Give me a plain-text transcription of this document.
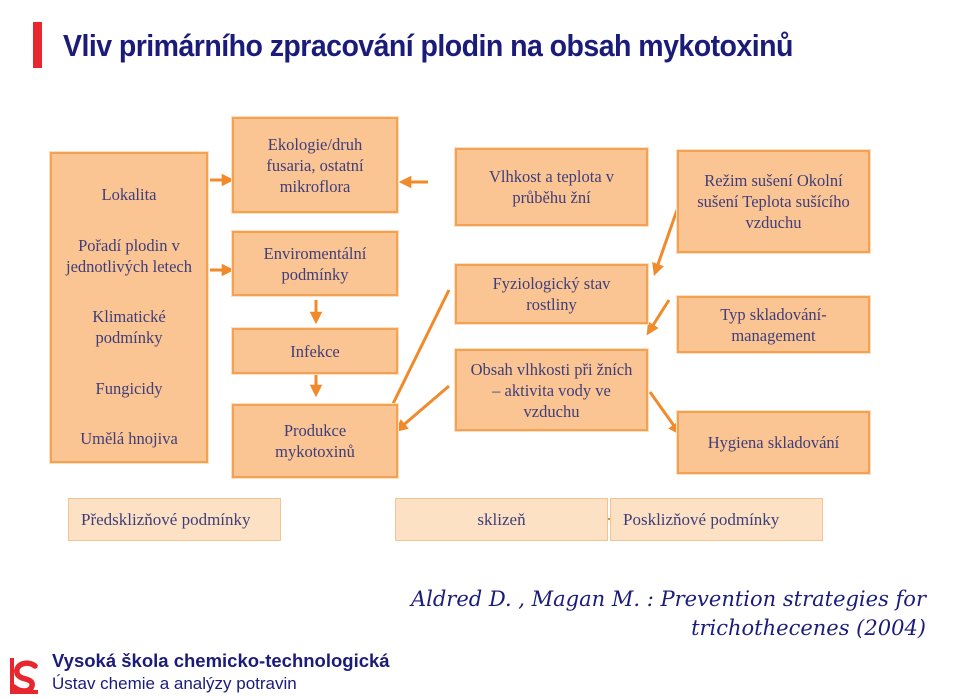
Vliv primárního zpracování plodin na obsah mykotoxinů
Lokalita
Pořadí plodin v jednotlivých letech
Klimatické podmínky
Fungicidy
Umělá hnojiva
Ekologie/druh fusaria, ostatní mikroflora
Enviromentální podmínky
Infekce
Produkce mykotoxinů
Vlhkost a teplota v průběhu žní
Fyziologický stav rostliny
Obsah vlhkosti při žních – aktivita vody ve vzduchu
Režim sušení Okolní sušení Teplota sušícího vzduchu
Typ skladování-management
Hygiena skladování
Předsklizňové podmínky	sklizeň	Posklizňové podmínky
Aldred D. , Magan M. : Prevention strategies for
trichothecenes (2004)
Vysoká škola chemicko-technologická
Ústav chemie a analýzy potravin
